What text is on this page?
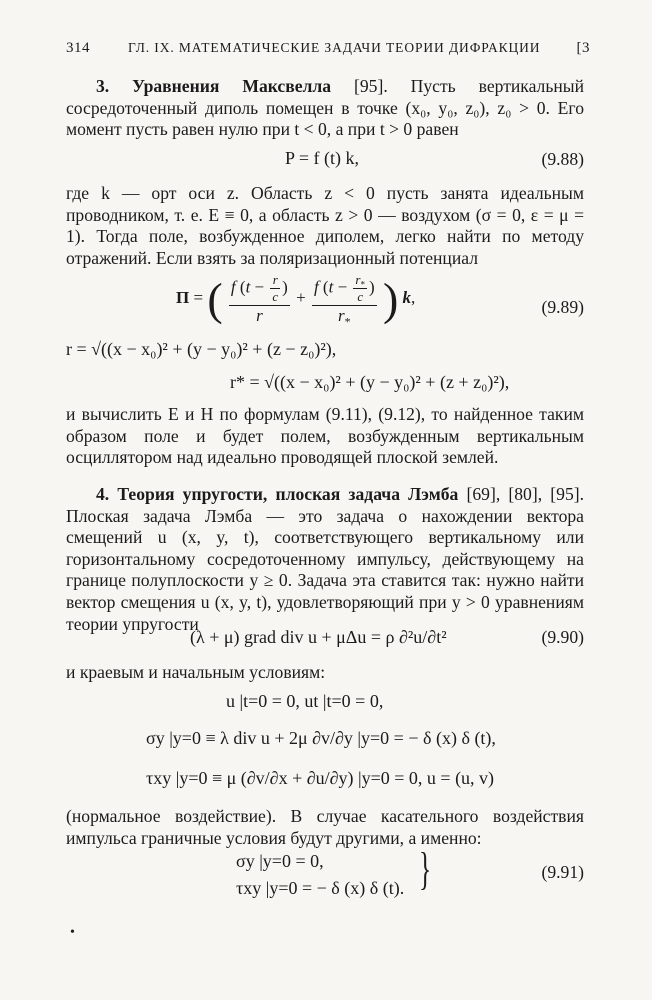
314	ГЛ. IX. МАТЕМАТИЧЕСКИЕ ЗАДАЧИ ТЕОРИИ ДИФРАКЦИИ [3
3. Уравнения Максвелла [95]. Пусть вертикальный сосредоточенный диполь помещен в точке (x₀, y₀, z₀), z₀ > 0. Его момент пусть равен нулю при t < 0, а при t > 0 равен
P = f (t) k,	(9.88)
где k — орт оси z. Область z < 0 пусть занята идеальным проводником, т. е. E ≡ 0, а область z > 0 — воздухом (σ = 0, ε = μ = 1). Тогда поле, возбужденное диполем, легко найти по методу отражений. Если взять за поляризационный потенциал
П = ( $\frac{f (t - \frac{r}{c} )}{r} + \frac{f (t - \frac{r_*}{c} )}{r_*}$ ) k,	(9.89)
r = √((x − x₀)² + (y − y₀)² + (z − z₀)²),
r* = √((x − x₀)² + (y − y₀)² + (z + z₀)²),
и вычислить E и H по формулам (9.11), (9.12), то найденное таким образом поле и будет полем, возбужденным вертикальным осциллятором над идеально проводящей плоской землей.
4. Теория упругости, плоская задача Лэмба [69], [80], [95]. Плоская задача Лэмба — это задача о нахождении вектора смещений u (x, y, t), соответствующего вертикальному или горизонтальному сосредоточенному импульсу, действующему на границе полуплоскости y ≥ 0. Задача эта ставится так: нужно найти вектор смещения u (x, y, t), удовлетворяющий при y > 0 уравнениям теории упругости
(λ + μ) grad div u + μΔu = ρ ∂²u/∂t²	(9.90)
и краевым и начальным условиям:
u |t=0 = 0, ut |t=0 = 0,
σy |y=0 ≡ λ div u + 2μ ∂v/∂y |y=0 = − δ (x) δ (t),
τxy |y=0 ≡ μ (∂v/∂x + ∂u/∂y) |y=0 = 0, u = (u, v)
(нормальное воздействие). В случае касательного воздействия импульса граничные условия будут другими, а именно:
σy |y=0 = 0,
τxy |y=0 = − δ (x) δ (t). }	(9.91)
•
